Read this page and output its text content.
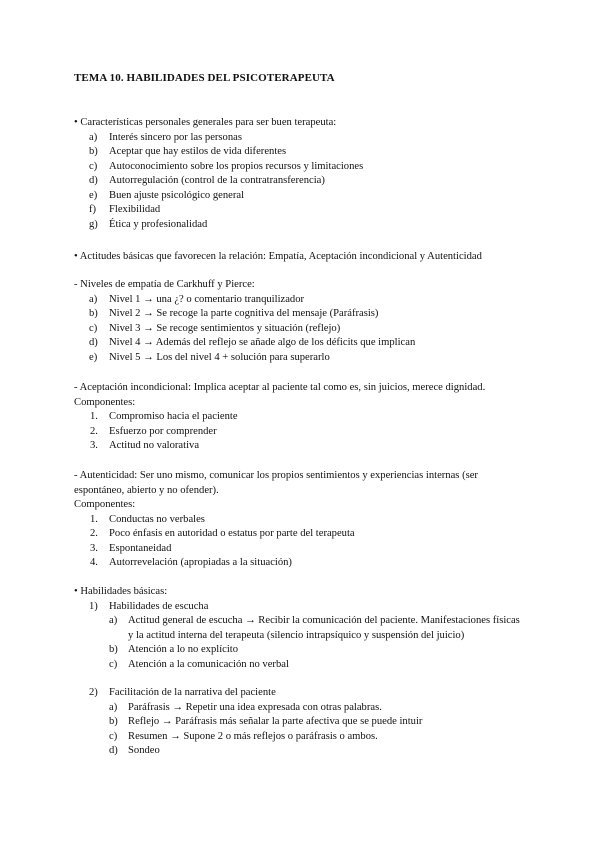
TEMA 10. HABILIDADES DEL PSICOTERAPEUTA
• Características personales generales para ser buen terapeuta:
a)	Interés sincero por las personas
b)	Aceptar que hay estilos de vida diferentes
c)	Autoconocimiento sobre los propios recursos y limitaciones
d)	Autorregulación (control de la contratransferencia)
e)	Buen ajuste psicológico general
f)	Flexibilidad
g)	Ética y profesionalidad
• Actitudes básicas que favorecen la relación: Empatía, Aceptación incondicional y Autenticidad
- Niveles de empatía de Carkhuff y Pierce:
a)	Nivel 1 → una ¿? o comentario tranquilizador
b)	Nivel 2 → Se recoge la parte cognitiva del mensaje (Paráfrasis)
c)	Nivel 3 → Se recoge sentimientos y situación (reflejo)
d)	Nivel 4 → Además del reflejo se añade algo de los déficits que implican
e)	Nivel 5 → Los del nivel 4 + solución para superarlo
- Aceptación incondicional: Implica aceptar al paciente tal como es, sin juicios, merece dignidad.
Componentes:
1.	Compromiso hacia el paciente
2.	Esfuerzo por comprender
3.	Actitud no valorativa
- Autenticidad: Ser uno mismo, comunicar los propios sentimientos y experiencias internas (ser espontáneo, abierto y no ofender).
Componentes:
1.	Conductas no verbales
2.	Poco énfasis en autoridad o estatus por parte del terapeuta
3.	Espontaneidad
4.	Autorrevelación (apropiadas a la situación)
• Habilidades básicas:
1) Habilidades de escucha
a) Actitud general de escucha → Recibir la comunicación del paciente. Manifestaciones físicas y la actitud interna del terapeuta (silencio intrapsíquico y suspensión del juicio)
b) Atención a lo no explícito
c) Atención a la comunicación no verbal
2) Facilitación de la narrativa del paciente
a) Paráfrasis → Repetir una idea expresada con otras palabras.
b) Reflejo → Paráfrasis más señalar la parte afectiva que se puede intuir
c) Resumen → Supone 2 o más reflejos o paráfrasis o ambos.
d) Sondeo
